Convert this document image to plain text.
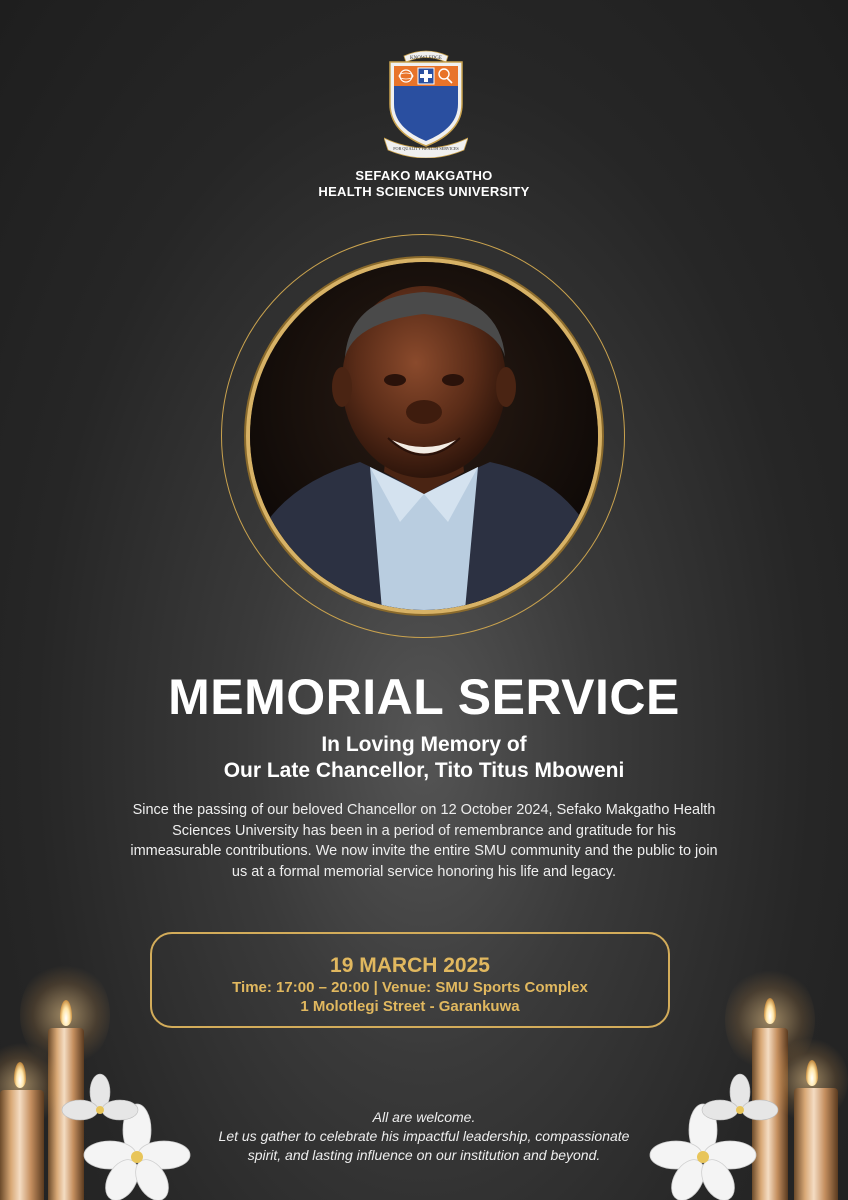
KNOWLEDGE
FOR QUALITY HEALTH SERVICES
SEFAKO MAKGATHO
HEALTH SCIENCES UNIVERSITY
MEMORIAL SERVICE
In Loving Memory of
Our Late Chancellor, Tito Titus Mboweni
Since the passing of our beloved Chancellor on 12 October 2024, Sefako Makgatho Health Sciences University has been in a period of remembrance and gratitude for his immeasurable contributions. We now invite the entire SMU community and the public to join us at a formal memorial service honoring his life and legacy.
19 MARCH 2025
Time: 17:00 – 20:00 | Venue: SMU Sports Complex
1 Molotlegi Street - Garankuwa
All are welcome.
Let us gather to celebrate his impactful leadership, compassionate
spirit, and lasting influence on our institution and beyond.
